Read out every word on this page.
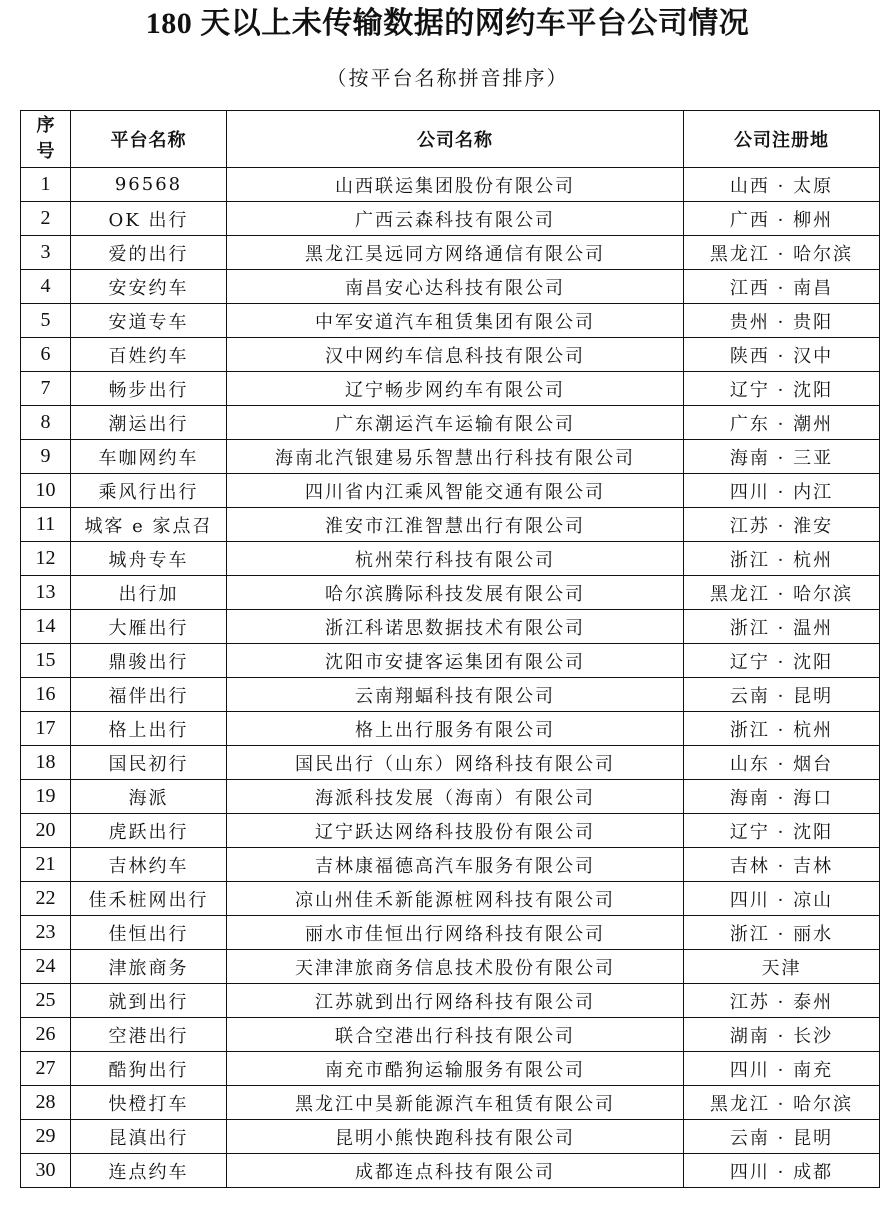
180 天以上未传输数据的网约车平台公司情况
（按平台名称拼音排序）
序
号	平台名称	公司名称	公司注册地
1	96568	山西联运集团股份有限公司	山西 · 太原
2	OK 出行	广西云森科技有限公司	广西 · 柳州
3	爱的出行	黑龙江昊远同方网络通信有限公司	黑龙江 · 哈尔滨
4	安安约车	南昌安心达科技有限公司	江西 · 南昌
5	安道专车	中军安道汽车租赁集团有限公司	贵州 · 贵阳
6	百姓约车	汉中网约车信息科技有限公司	陕西 · 汉中
7	畅步出行	辽宁畅步网约车有限公司	辽宁 · 沈阳
8	潮运出行	广东潮运汽车运输有限公司	广东 · 潮州
9	车咖网约车	海南北汽银建易乐智慧出行科技有限公司	海南 · 三亚
10	乘风行出行	四川省内江乘风智能交通有限公司	四川 · 内江
11	城客 e 家点召	淮安市江淮智慧出行有限公司	江苏 · 淮安
12	城舟专车	杭州荣行科技有限公司	浙江 · 杭州
13	出行加	哈尔滨腾际科技发展有限公司	黑龙江 · 哈尔滨
14	大雁出行	浙江科诺思数据技术有限公司	浙江 · 温州
15	鼎骏出行	沈阳市安捷客运集团有限公司	辽宁 · 沈阳
16	福伴出行	云南翔蝠科技有限公司	云南 · 昆明
17	格上出行	格上出行服务有限公司	浙江 · 杭州
18	国民初行	国民出行（山东）网络科技有限公司	山东 · 烟台
19	海派	海派科技发展（海南）有限公司	海南 · 海口
20	虎跃出行	辽宁跃达网络科技股份有限公司	辽宁 · 沈阳
21	吉林约车	吉林康福德高汽车服务有限公司	吉林 · 吉林
22	佳禾桩网出行	凉山州佳禾新能源桩网科技有限公司	四川 · 凉山
23	佳恒出行	丽水市佳恒出行网络科技有限公司	浙江 · 丽水
24	津旅商务	天津津旅商务信息技术股份有限公司	天津
25	就到出行	江苏就到出行网络科技有限公司	江苏 · 泰州
26	空港出行	联合空港出行科技有限公司	湖南 · 长沙
27	酷狗出行	南充市酷狗运输服务有限公司	四川 · 南充
28	快橙打车	黑龙江中昊新能源汽车租赁有限公司	黑龙江 · 哈尔滨
29	昆滇出行	昆明小熊快跑科技有限公司	云南 · 昆明
30	连点约车	成都连点科技有限公司	四川 · 成都
